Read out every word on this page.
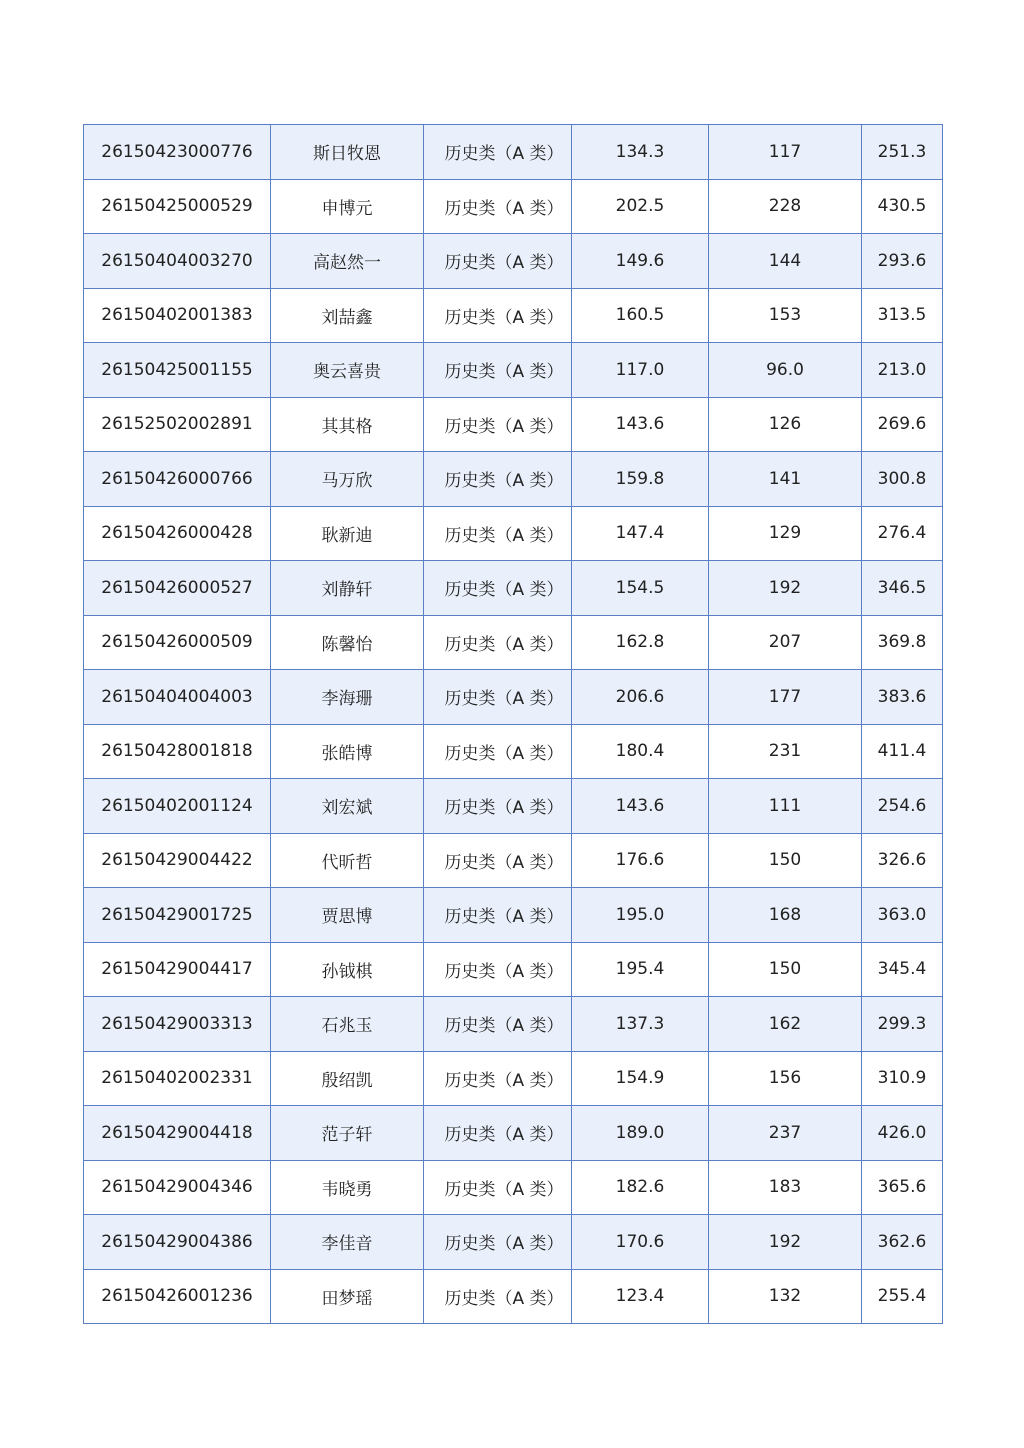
26150423000776	斯日牧恩	历史类（A 类）	134.3	117	251.3
26150425000529	申博元	历史类（A 类）	202.5	228	430.5
26150404003270	高赵然一	历史类（A 类）	149.6	144	293.6
26150402001383	刘喆鑫	历史类（A 类）	160.5	153	313.5
26150425001155	奥云喜贵	历史类（A 类）	117.0	96.0	213.0
26152502002891	其其格	历史类（A 类）	143.6	126	269.6
26150426000766	马万欣	历史类（A 类）	159.8	141	300.8
26150426000428	耿新迪	历史类（A 类）	147.4	129	276.4
26150426000527	刘静轩	历史类（A 类）	154.5	192	346.5
26150426000509	陈馨怡	历史类（A 类）	162.8	207	369.8
26150404004003	李海珊	历史类（A 类）	206.6	177	383.6
26150428001818	张皓博	历史类（A 类）	180.4	231	411.4
26150402001124	刘宏斌	历史类（A 类）	143.6	111	254.6
26150429004422	代昕哲	历史类（A 类）	176.6	150	326.6
26150429001725	贾思博	历史类（A 类）	195.0	168	363.0
26150429004417	孙钺棋	历史类（A 类）	195.4	150	345.4
26150429003313	石兆玉	历史类（A 类）	137.3	162	299.3
26150402002331	殷绍凯	历史类（A 类）	154.9	156	310.9
26150429004418	范子轩	历史类（A 类）	189.0	237	426.0
26150429004346	韦晓勇	历史类（A 类）	182.6	183	365.6
26150429004386	李佳音	历史类（A 类）	170.6	192	362.6
26150426001236	田梦瑶	历史类（A 类）	123.4	132	255.4
